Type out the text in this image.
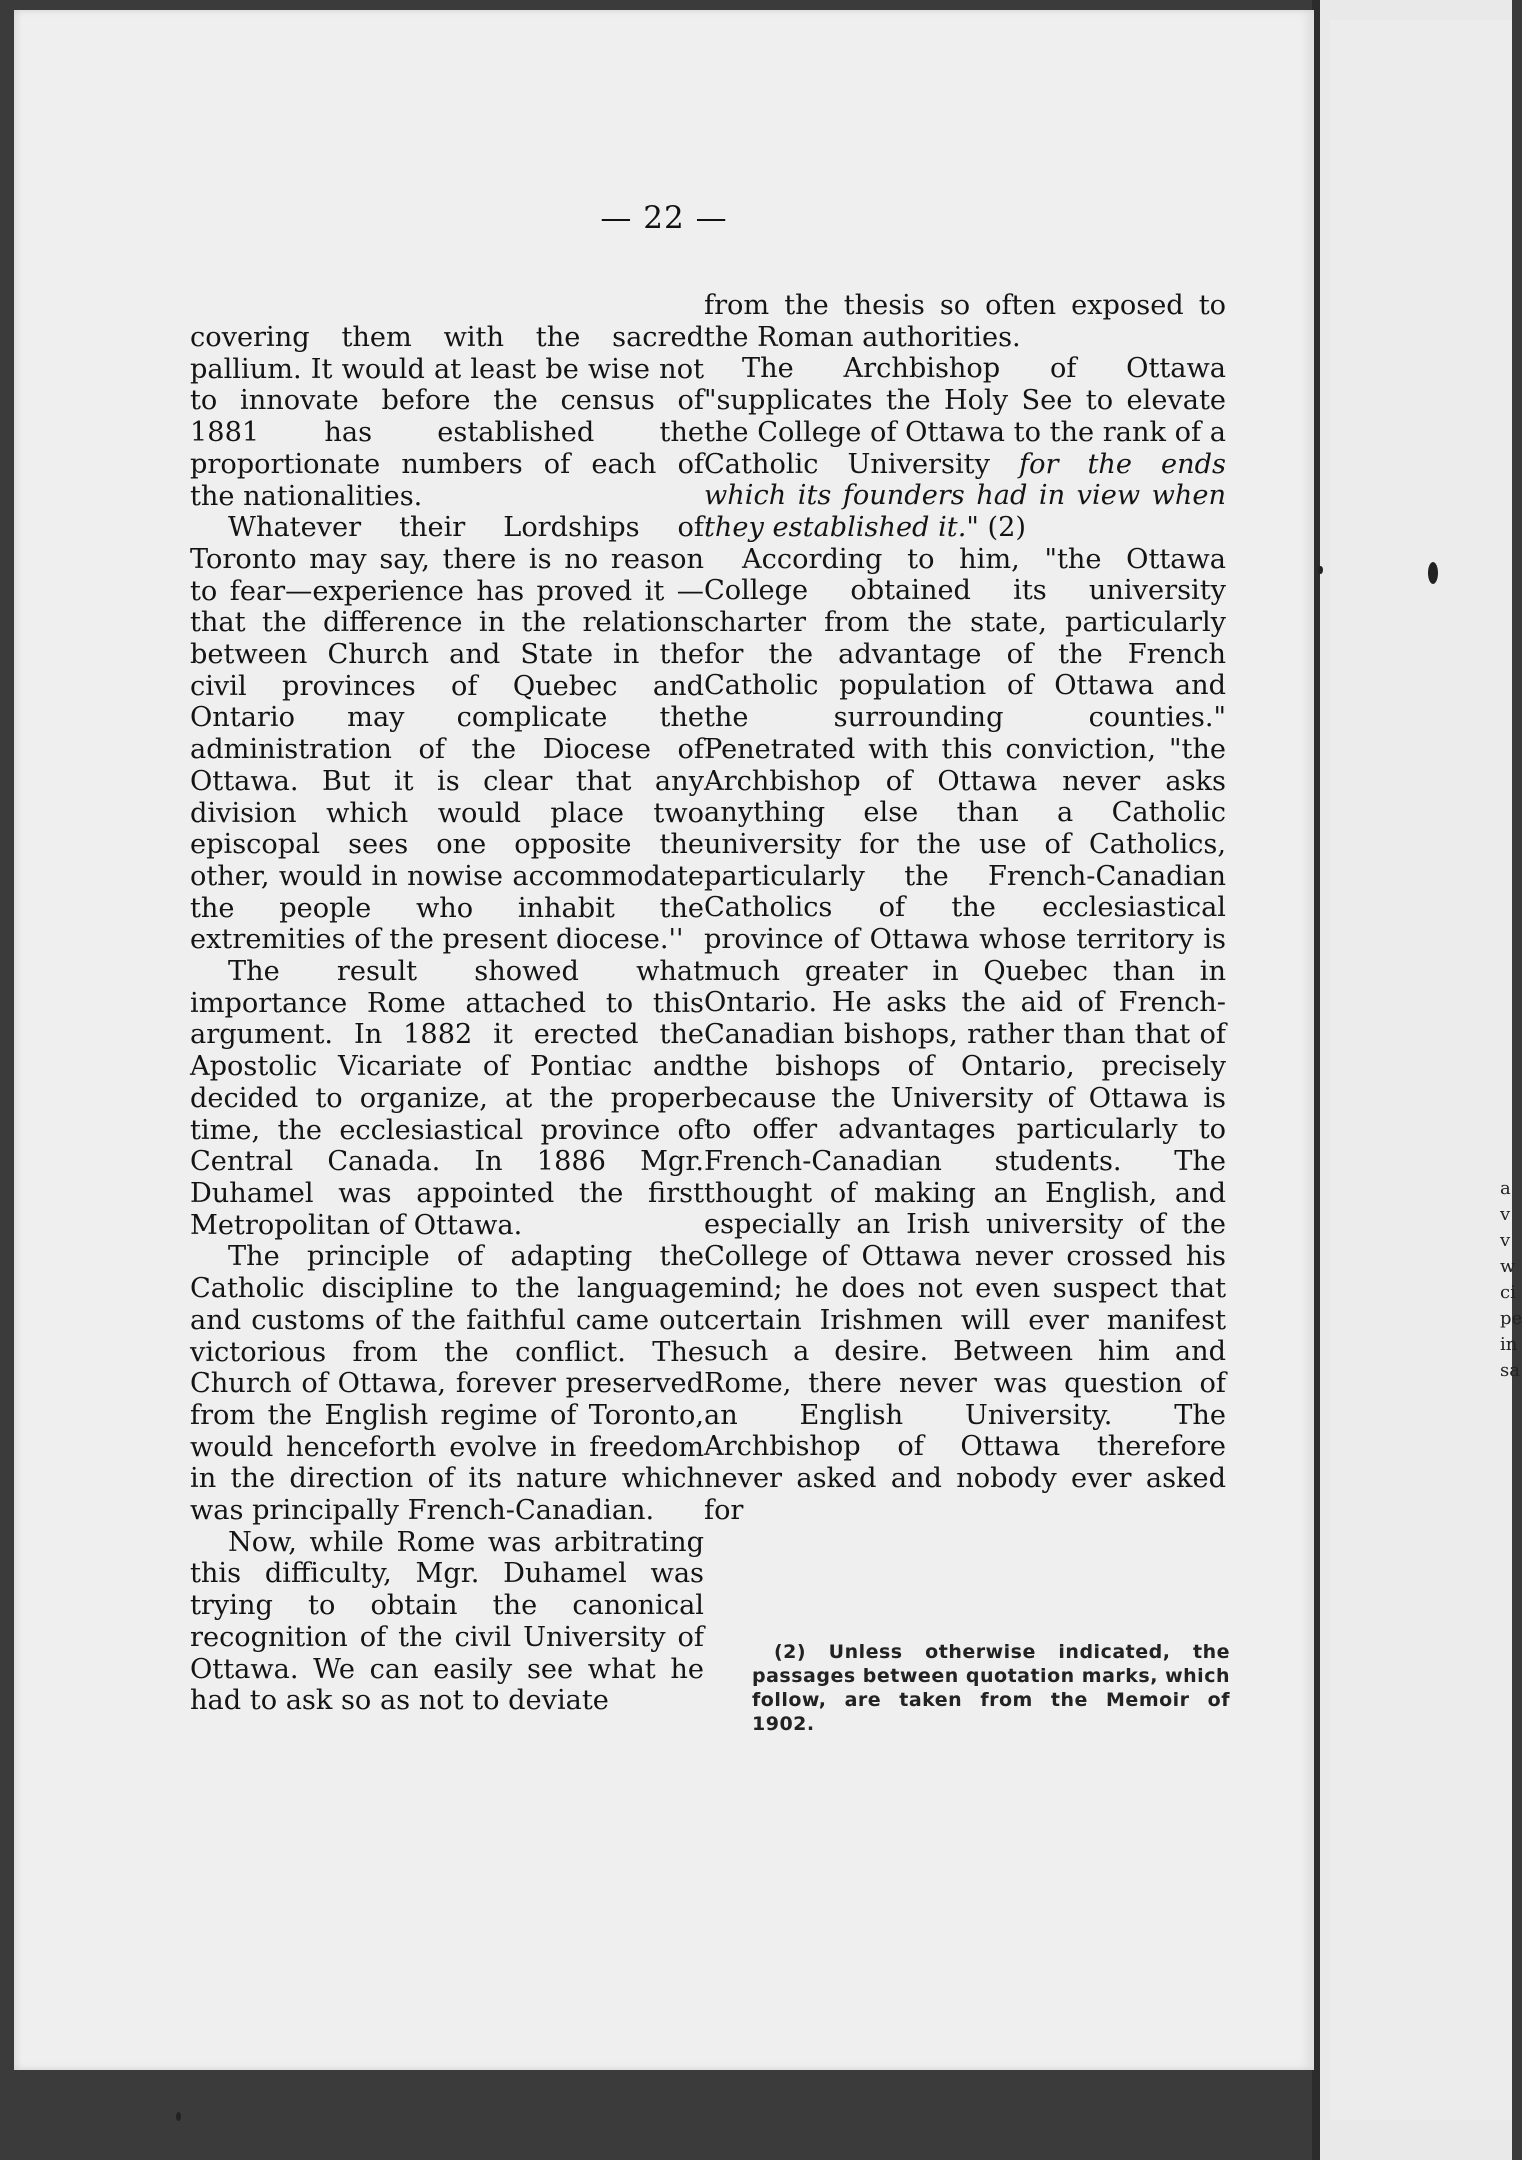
— 22 —

covering them with the sacred pallium. It would at least be wise not to innovate before the census of 1881 has established the proportionate numbers of each of the nationalities.

Whatever their Lordships of Toronto may say, there is no reason to fear—experience has proved it —that the difference in the relations between Church and State in the civil provinces of Quebec and Ontario may complicate the administration of the Diocese of Ottawa. But it is clear that any division which would place two episcopal sees one opposite the other, would in nowise accommodate the people who inhabit the extremities of the present diocese.''

The result showed what importance Rome attached to this argument. In 1882 it erected the Apostolic Vicariate of Pontiac and decided to organize, at the proper time, the ecclesiastical province of Central Canada. In 1886 Mgr. Duhamel was appointed the first Metropolitan of Ottawa.

The principle of adapting the Catholic discipline to the language and customs of the faithful came out victorious from the conflict. The Church of Ottawa, forever preserved from the English regime of Toronto, would henceforth evolve in freedom in the direction of its nature which was principally French-Canadian.

Now, while Rome was arbitrating this difficulty, Mgr. Duhamel was trying to obtain the canonical recognition of the civil University of Ottawa. We can easily see what he had to ask so as not to deviate

from the thesis so often exposed to the Roman authorities.

The Archbishop of Ottawa "supplicates the Holy See to elevate the College of Ottawa to the rank of a Catholic University for the ends which its founders had in view when they established it." (2)

According to him, "the Ottawa College obtained its university charter from the state, particularly for the advantage of the French Catholic population of Ottawa and the surrounding counties." Penetrated with this conviction, "the Archbishop of Ottawa never asks anything else than a Catholic university for the use of Catholics, particularly the French-Canadian Catholics of the ecclesiastical province of Ottawa whose territory is much greater in Quebec than in Ontario. He asks the aid of French-Canadian bishops, rather than that of the bishops of Ontario, precisely because the University of Ottawa is to offer advantages particularly to French-Canadian students. The thought of making an English, and especially an Irish university of the College of Ottawa never crossed his mind; he does not even suspect that certain Irishmen will ever manifest such a desire. Between him and Rome, there never was question of an English University. The Archbishop of Ottawa therefore never asked and nobody ever asked for

(2) Unless otherwise indicated, the passages between quotation marks, which follow, are taken from the Memoir of 1902.
a
v
v
w
ci
pe
in
sa
